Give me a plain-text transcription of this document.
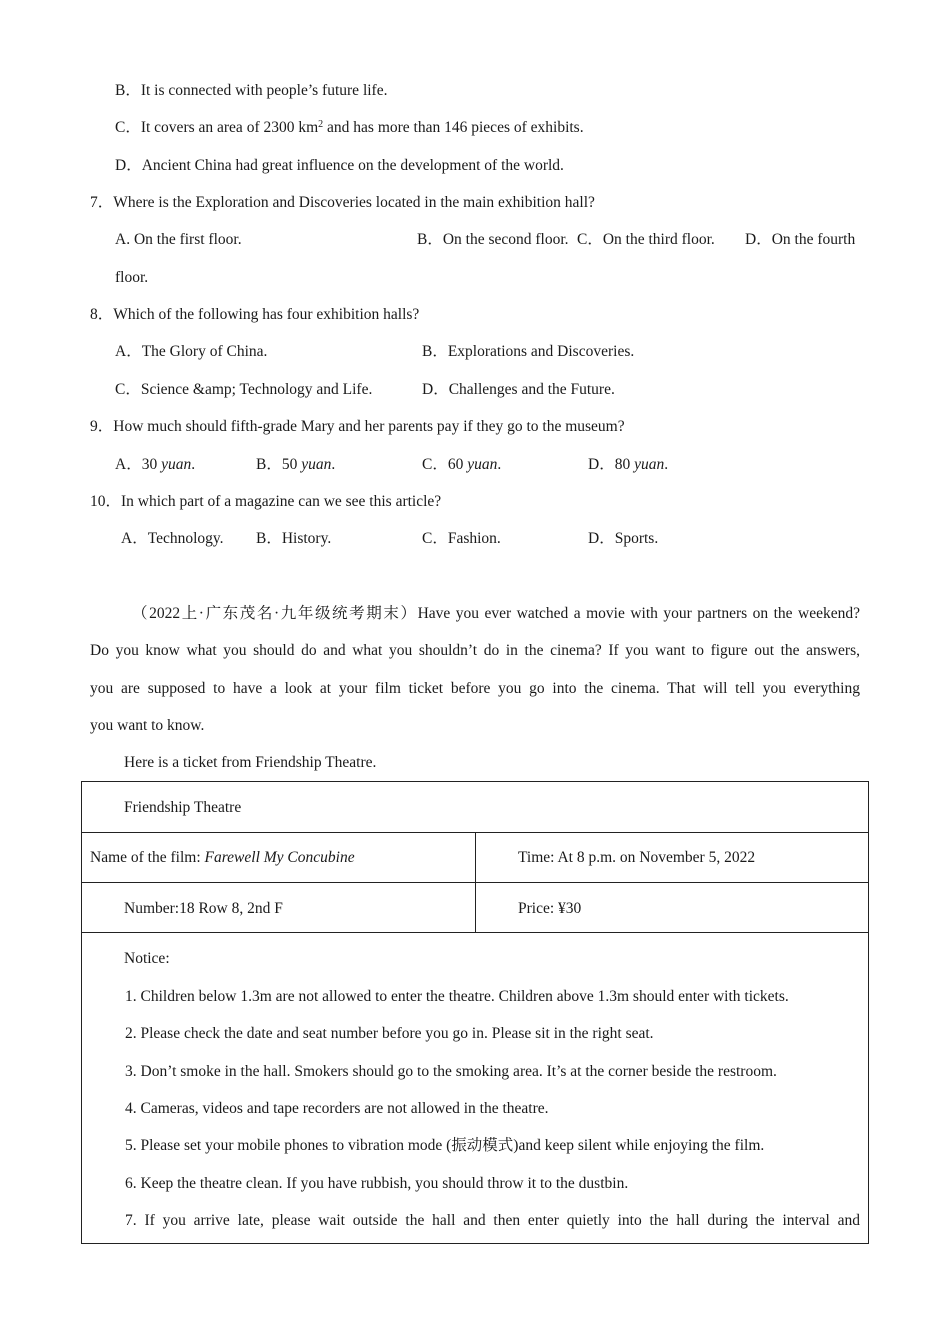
B．It is connected with people’s future life.
C．It covers an area of 2300 $km^2$ and has more than 146 pieces of exhibits.
D．Ancient China had great influence on the development of the world.
7．Where is the Exploration and Discoveries located in the main exhibition hall?
A. On the first floor.	B．On the second floor. C．On the third floor. D．On the fourth
floor.
8．Which of the following has four exhibition halls?
A．The Glory of China.	B．Explorations and Discoveries.
C．Science &amp; Technology and Life.	D．Challenges and the Future.
9．How much should fifth-grade Mary and her parents pay if they go to the museum?
A．30 yuan.	B．50 yuan.	C．60 yuan.	D．80 yuan.
10．In which part of a magazine can we see this article?
A．Technology. B．History.	C．Fashion.	D．Sports.
（2022上·广东茂名·九年级统考期末）Have you ever watched a movie with your partners on the weekend?
Do you know what you should do and what you shouldn’t do in the cinema? If you want to figure out the answers,
you are supposed to have a look at your film ticket before you go into the cinema. That will tell you everything
you want to know.
Here is a ticket from Friendship Theatre.
Friendship Theatre
Name of the film: Farewell My Concubine	Time: At 8 p.m. on November 5, 2022
Number:18 Row 8, 2nd F	Price: ¥30
Notice:
1. Children below 1.3m are not allowed to enter the theatre. Children above 1.3m should enter with tickets.
2. Please check the date and seat number before you go in. Please sit in the right seat.
3. Don’t smoke in the hall. Smokers should go to the smoking area. It’s at the corner beside the restroom.
4. Cameras, videos and tape recorders are not allowed in the theatre.
5. Please set your mobile phones to vibration mode (振动模式)and keep silent while enjoying the film.
6. Keep the theatre clean. If you have rubbish, you should throw it to the dustbin.
7. If you arrive late, please wait outside the hall and then enter quietly into the hall during the interval and
